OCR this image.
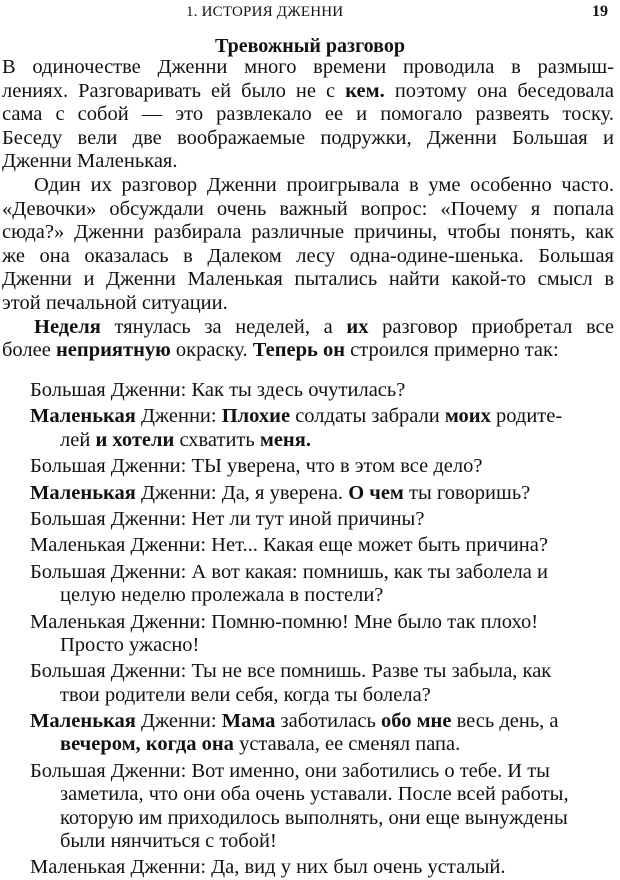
1. ИСТОРИЯ ДЖЕННИ	19
Тревожный разговор
В одиночестве Дженни много времени проводила в размыш-
лениях. Разговаривать ей было не с кем. поэтому она беседовала
сама с собой — это развлекало ее и помогало развеять тоску.
Беседу вели две воображаемые подружки, Дженни Большая и
Дженни Маленькая.
Один их разговор Дженни проигрывала в уме особенно часто.
«Девочки» обсуждали очень важный вопрос: «Почему я попала
сюда?» Дженни разбирала различные причины, чтобы понять, как
же она оказалась в Далеком лесу одна-одине-шенька. Большая
Дженни и Дженни Маленькая пытались найти какой-то смысл в
этой печальной ситуации.
Неделя тянулась за неделей, а их разговор приобретал все
более неприятную окраску. Теперь он строился примерно так:
Большая Дженни: Как ты здесь очутилась?
Маленькая Дженни: Плохие солдаты забрали моих родите-
лей и хотели схватить меня.
Большая Дженни: ТЫ уверена, что в этом все дело?
Маленькая Дженни: Да, я уверена. О чем ты говоришь?
Большая Дженни: Нет ли тут иной причины?
Маленькая Дженни: Нет... Какая еще может быть причина?
Большая Дженни: А вот какая: помнишь, как ты заболела и
целую неделю пролежала в постели?
Маленькая Дженни: Помню-помню! Мне было так плохо!
Просто ужасно!
Большая Дженни: Ты не все помнишь. Разве ты забыла, как
твои родители вели себя, когда ты болела?
Маленькая Дженни: Мама заботилась обо мне весь день, а
вечером, когда она уставала, ее сменял папа.
Большая Дженни: Вот именно, они заботились о тебе. И ты
заметила, что они оба очень уставали. После всей работы,
которую им приходилось выполнять, они еще вынуждены
были нянчиться с тобой!
Маленькая Дженни: Да, вид у них был очень усталый.
